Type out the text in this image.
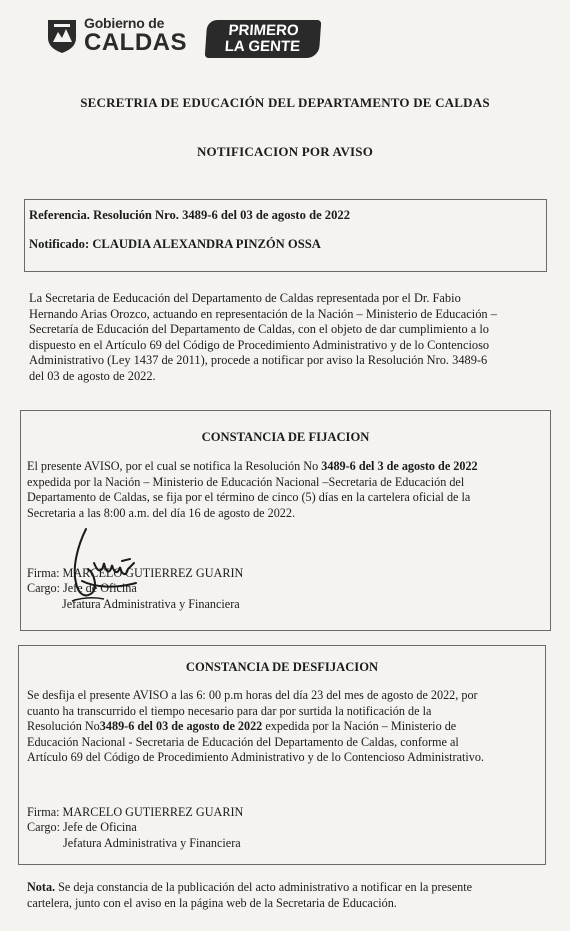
Gobierno de
CALDAS	PRIMERO
LA GENTE
SECRETRIA DE EDUCACIÓN DEL DEPARTAMENTO DE CALDAS
NOTIFICACION POR AVISO
Referencia. Resolución Nro. 3489-6 del 03 de agosto de 2022
Notificado: CLAUDIA ALEXANDRA PINZÓN OSSA
La Secretaria de Eeducación del Departamento de Caldas representada por el Dr. Fabio
Hernando Arias Orozco, actuando en representación de la Nación – Ministerio de Educación –
Secretaría de Educación del Departamento de Caldas, con el objeto de dar cumplimiento a lo
dispuesto en el Artículo 69 del Código de Procedimiento Administrativo y de lo Contencioso
Administrativo (Ley 1437 de 2011), procede a notificar por aviso la Resolución Nro. 3489-6
del 03 de agosto de 2022.
CONSTANCIA DE FIJACION
El presente AVISO, por el cual se notifica la Resolución No 3489-6 del 3 de agosto de 2022
expedida por la Nación – Ministerio de Educación Nacional –Secretaria de Educación del
Departamento de Caldas, se fija por el término de cinco (5) días en la cartelera oficial de la
Secretaria a las 8:00 a.m. del día 16 de agosto de 2022.
Firma: MARCELO GUTIERREZ GUARIN
Cargo: Jefe de Oficina
Jefatura Administrativa y Financiera
CONSTANCIA DE DESFIJACION
Se desfija el presente AVISO a las 6: 00 p.m horas del día 23 del mes de agosto de 2022, por
cuanto ha transcurrido el tiempo necesario para dar por surtida la notificación de la
Resolución No3489-6 del 03 de agosto de 2022 expedida por la Nación – Ministerio de
Educación Nacional - Secretaria de Educación del Departamento de Caldas, conforme al
Artículo 69 del Código de Procedimiento Administrativo y de lo Contencioso Administrativo.
Firma: MARCELO GUTIERREZ GUARIN
Cargo: Jefe de Oficina
Jefatura Administrativa y Financiera
Nota. Se deja constancia de la publicación del acto administrativo a notificar en la presente
cartelera, junto con el aviso en la página web de la Secretaria de Educación.
